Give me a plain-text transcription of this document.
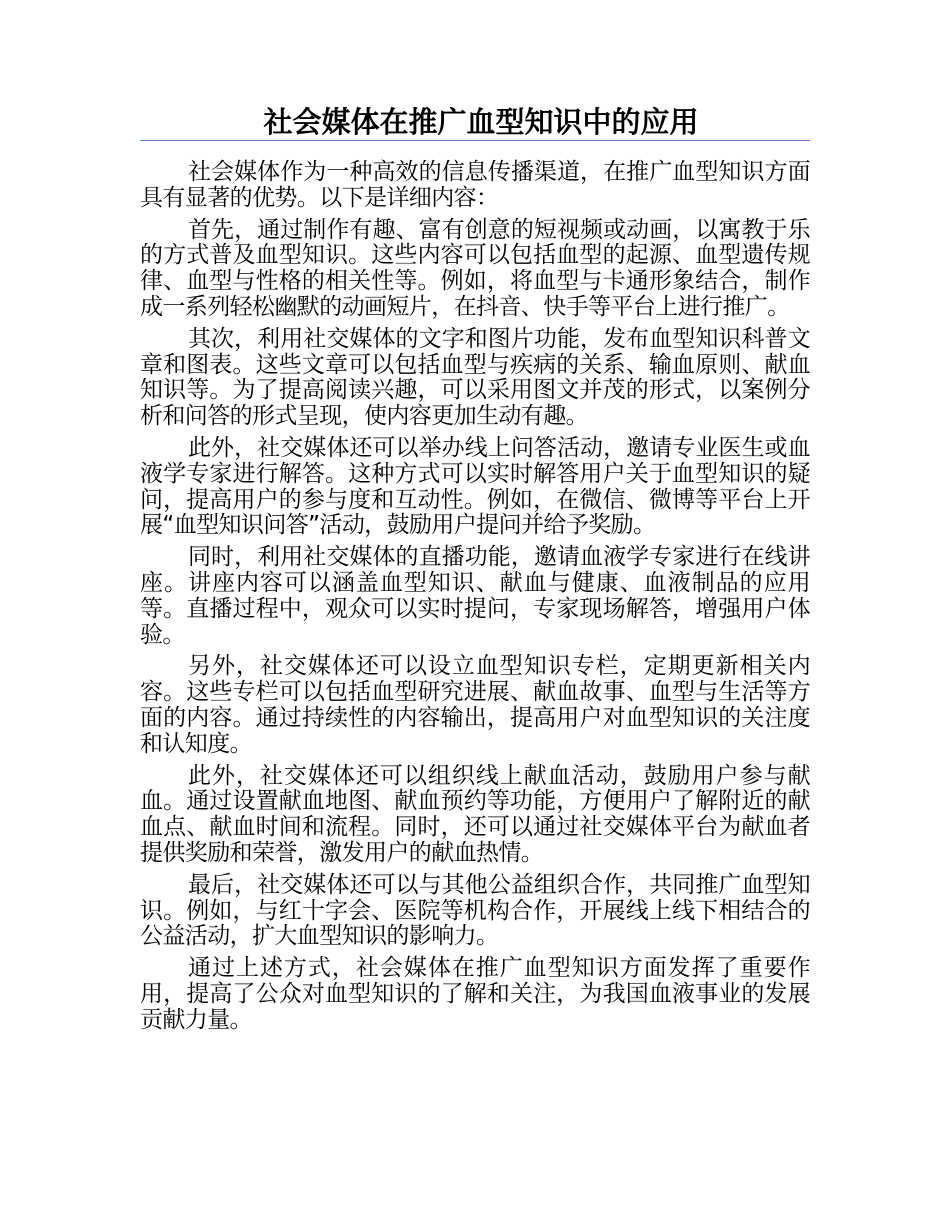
社会媒体在推广血型知识中的应用

社会媒体作为一种高效的信息传播渠道，在推广血型知识方面具有显著的优势。以下是详细内容：

首先，通过制作有趣、富有创意的短视频或动画，以寓教于乐的方式普及血型知识。这些内容可以包括血型的起源、血型遗传规律、血型与性格的相关性等。例如，将血型与卡通形象结合，制作成一系列轻松幽默的动画短片，在抖音、快手等平台上进行推广。

其次，利用社交媒体的文字和图片功能，发布血型知识科普文章和图表。这些文章可以包括血型与疾病的关系、输血原则、献血知识等。为了提高阅读兴趣，可以采用图文并茂的形式，以案例分析和问答的形式呈现，使内容更加生动有趣。

此外，社交媒体还可以举办线上问答活动，邀请专业医生或血液学专家进行解答。这种方式可以实时解答用户关于血型知识的疑问，提高用户的参与度和互动性。例如，在微信、微博等平台上开展“血型知识问答”活动，鼓励用户提问并给予奖励。

同时，利用社交媒体的直播功能，邀请血液学专家进行在线讲座。讲座内容可以涵盖血型知识、献血与健康、血液制品的应用等。直播过程中，观众可以实时提问，专家现场解答，增强用户体验。

另外，社交媒体还可以设立血型知识专栏，定期更新相关内容。这些专栏可以包括血型研究进展、献血故事、血型与生活等方面的内容。通过持续性的内容输出，提高用户对血型知识的关注度和认知度。

此外，社交媒体还可以组织线上献血活动，鼓励用户参与献血。通过设置献血地图、献血预约等功能，方便用户了解附近的献血点、献血时间和流程。同时，还可以通过社交媒体平台为献血者提供奖励和荣誉，激发用户的献血热情。

最后，社交媒体还可以与其他公益组织合作，共同推广血型知识。例如，与红十字会、医院等机构合作，开展线上线下相结合的公益活动，扩大血型知识的影响力。

通过上述方式，社会媒体在推广血型知识方面发挥了重要作用，提高了公众对血型知识的了解和关注，为我国血液事业的发展贡献力量。
